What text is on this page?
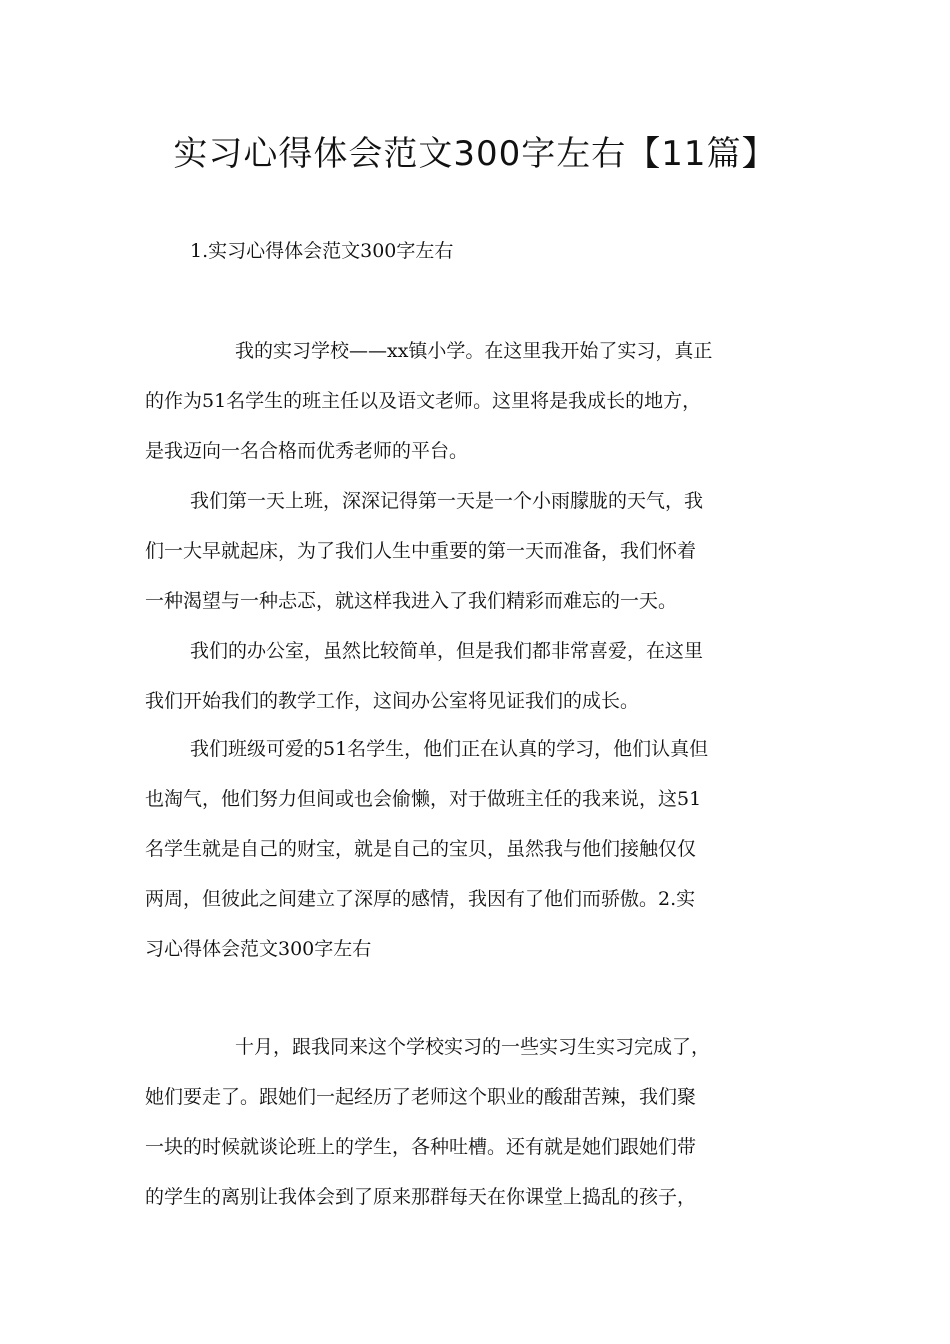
实习心得体会范文300字左右【11篇】
1.实习心得体会范文300字左右
我的实习学校——xx镇小学。在这里我开始了实习，真正
的作为51名学生的班主任以及语文老师。这里将是我成长的地方，
是我迈向一名合格而优秀老师的平台。
我们第一天上班，深深记得第一天是一个小雨朦胧的天气，我
们一大早就起床，为了我们人生中重要的第一天而准备，我们怀着
一种渴望与一种忐忑，就这样我进入了我们精彩而难忘的一天。
我们的办公室，虽然比较简单，但是我们都非常喜爱，在这里
我们开始我们的教学工作，这间办公室将见证我们的成长。
我们班级可爱的51名学生，他们正在认真的学习，他们认真但
也淘气，他们努力但间或也会偷懒，对于做班主任的我来说，这51
名学生就是自己的财宝，就是自己的宝贝，虽然我与他们接触仅仅
两周，但彼此之间建立了深厚的感情，我因有了他们而骄傲。2.实
习心得体会范文300字左右
十月，跟我同来这个学校实习的一些实习生实习完成了，
她们要走了。跟她们一起经历了老师这个职业的酸甜苦辣，我们聚
一块的时候就谈论班上的学生，各种吐槽。还有就是她们跟她们带
的学生的离别让我体会到了原来那群每天在你课堂上捣乱的孩子，
